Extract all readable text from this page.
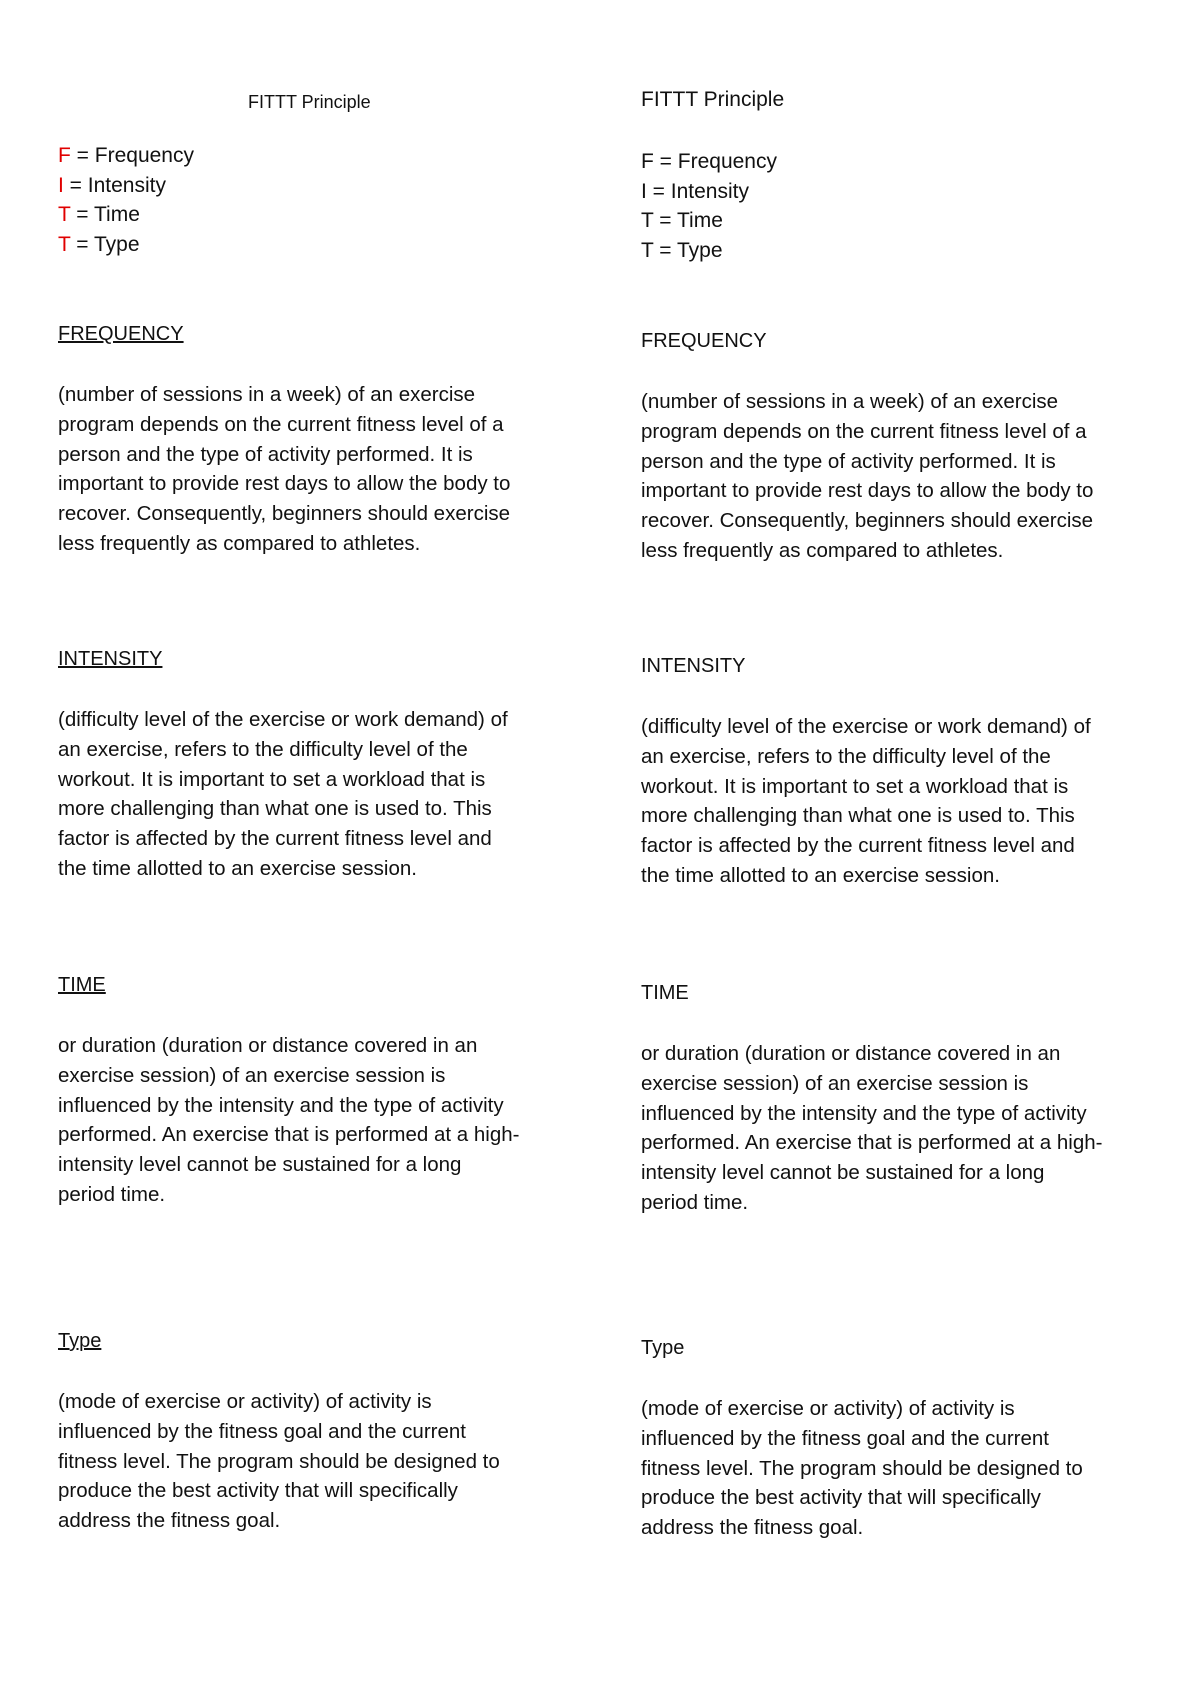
FITTT Principle
F = Frequency
I = Intensity
T = Time
T = Type
FREQUENCY
(number of sessions in a week) of an exercise
program depends on the current fitness level of a
person and the type of activity performed. It is
important to provide rest days to allow the body to
recover. Consequently, beginners should exercise
less frequently as compared to athletes.
INTENSITY
(difficulty level of the exercise or work demand) of
an exercise, refers to the difficulty level of the
workout. It is important to set a workload that is
more challenging than what one is used to. This
factor is affected by the current fitness level and
the time allotted to an exercise session.
TIME
or duration (duration or distance covered in an
exercise session) of an exercise session is
influenced by the intensity and the type of activity
performed. An exercise that is performed at a high-
intensity level cannot be sustained for a long
period time.
Type
(mode of exercise or activity) of activity is
influenced by the fitness goal and the current
fitness level. The program should be designed to
produce the best activity that will specifically
address the fitness goal.
FITTT Principle
F = Frequency
I = Intensity
T = Time
T = Type
FREQUENCY
(number of sessions in a week) of an exercise
program depends on the current fitness level of a
person and the type of activity performed. It is
important to provide rest days to allow the body to
recover. Consequently, beginners should exercise
less frequently as compared to athletes.
INTENSITY
(difficulty level of the exercise or work demand) of
an exercise, refers to the difficulty level of the
workout. It is important to set a workload that is
more challenging than what one is used to. This
factor is affected by the current fitness level and
the time allotted to an exercise session.
TIME
or duration (duration or distance covered in an
exercise session) of an exercise session is
influenced by the intensity and the type of activity
performed. An exercise that is performed at a high-
intensity level cannot be sustained for a long
period time.
Type
(mode of exercise or activity) of activity is
influenced by the fitness goal and the current
fitness level. The program should be designed to
produce the best activity that will specifically
address the fitness goal.
